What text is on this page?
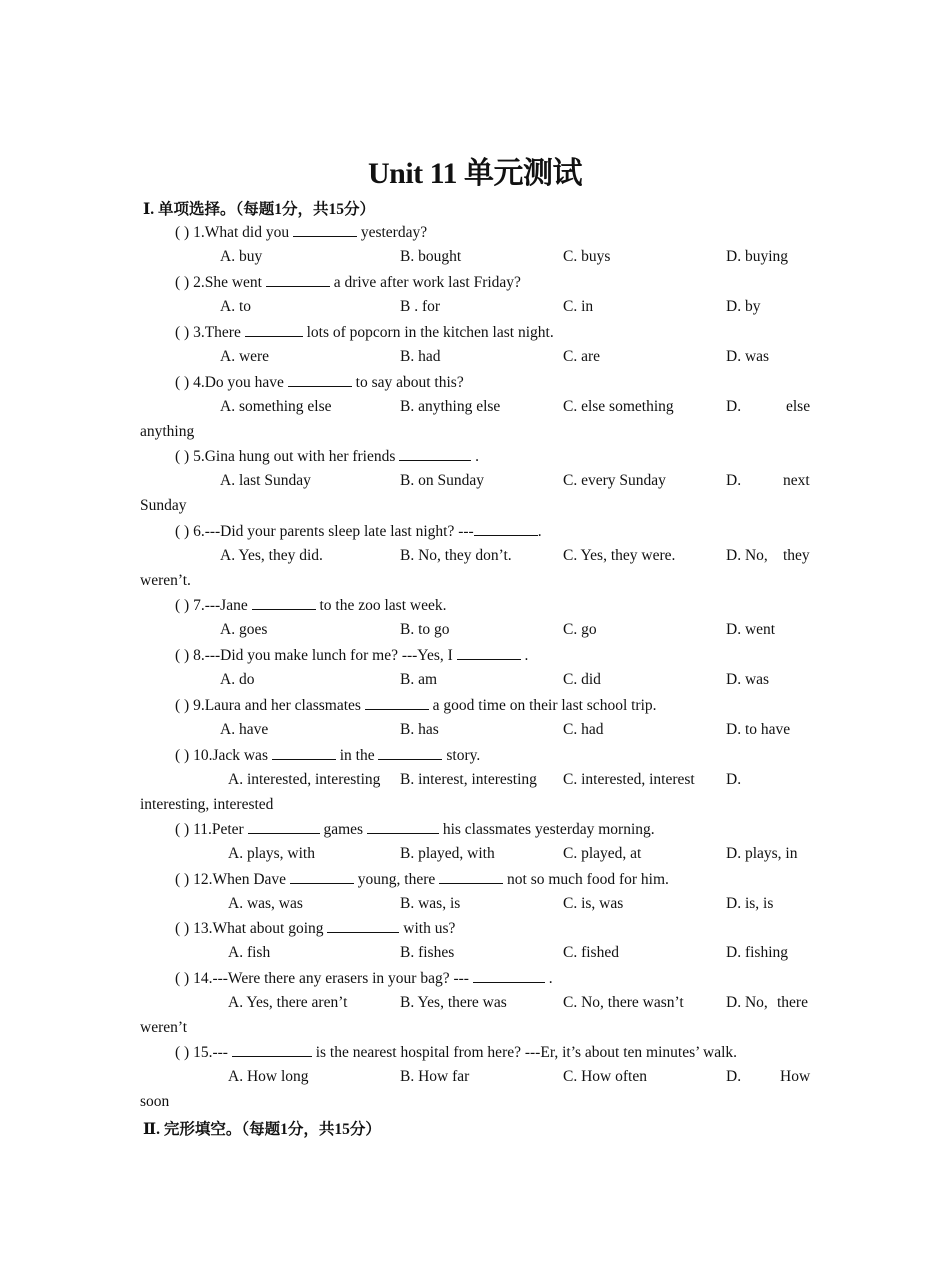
Unit 11 单元测试
Ⅰ. 单项选择。（每题1分，共15分）
( ) 1.What did you	yesterday?
A. buy	B. bought	C. buys	D. buying
( ) 2.She went	a drive after work last Friday?
A. to	B . for	C. in	D. by
( ) 3.There	lots of popcorn in the kitchen last night.
A. were	B. had	C. are	D. was
( ) 4.Do you have	to say about this?
A. something else	B. anything else	C. else something	D.	else
anything
( ) 5.Gina hung out with her friends	.
A. last Sunday	B. on Sunday	C. every Sunday	D.	next
Sunday
( ) 6.---Did your parents sleep late last night? ---	.
A. Yes, they did.	B. No, they don’t.	C. Yes, they were.	D. No, they
weren’t.
( ) 7.---Jane	to the zoo last week.
A. goes	B. to go	C. go	D. went
( ) 8.---Did you make lunch for me? ---Yes, I	.
A. do	B. am	C. did	D. was
( ) 9.Laura and her classmates	a good time on their last school trip.
A. have	B. has	C. had	D. to have
( ) 10.Jack was	in the	story.
A. interested, interesting B. interest, interesting C. interested, interest D.
interesting, interested
( ) 11.Peter	games	his classmates yesterday morning.
A. plays, with	B. played, with	C. played, at	D. plays, in
( ) 12.When Dave	young, there	not so much food for him.
A. was, was	B. was, is	C. is, was	D. is, is
( ) 13.What about going	with us?
A. fish	B. fishes	C. fished	D. fishing
( ) 14.---Were there any erasers in your bag? ---	.
A. Yes, there aren’t	B. Yes, there was	C. No, there wasn’t	D. No, there
weren’t
( ) 15.---	is the nearest hospital from here? ---Er, it’s about ten minutes’ walk.
A. How long	B. How far	C. How often	D.	How
soon
Ⅱ. 完形填空。（每题1分，共15分）
